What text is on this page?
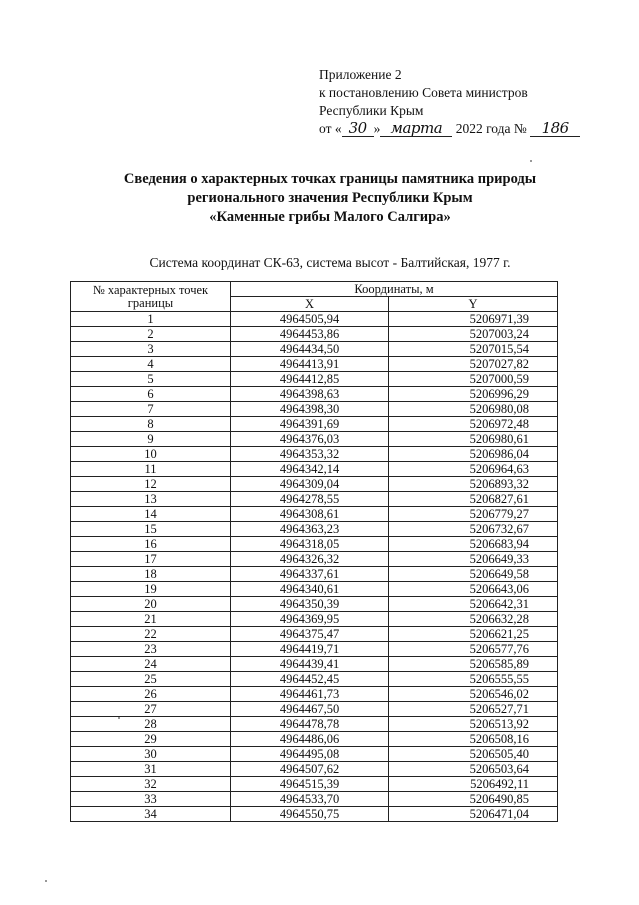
Приложение 2
к постановлению Совета министров
Республики Крым
от « 30 » марта 2022 года № 186
Сведения о характерных точках границы памятника природы
регионального значения Республики Крым
«Каменные грибы Малого Салгира»
Система координат СК-63, система высот - Балтийская, 1977 г.
№ характерных точек границы	Координаты, м	
	X	Y
1	4964505,94	5206971,39
2	4964453,86	5207003,24
3	4964434,50	5207015,54
4	4964413,91	5207027,82
5	4964412,85	5207000,59
6	4964398,63	5206996,29
7	4964398,30	5206980,08
8	4964391,69	5206972,48
9	4964376,03	5206980,61
10	4964353,32	5206986,04
11	4964342,14	5206964,63
12	4964309,04	5206893,32
13	4964278,55	5206827,61
14	4964308,61	5206779,27
15	4964363,23	5206732,67
16	4964318,05	5206683,94
17	4964326,32	5206649,33
18	4964337,61	5206649,58
19	4964340,61	5206643,06
20	4964350,39	5206642,31
21	4964369,95	5206632,28
22	4964375,47	5206621,25
23	4964419,71	5206577,76
24	4964439,41	5206585,89
25	4964452,45	5206555,55
26	4964461,73	5206546,02
27	4964467,50	5206527,71
28	4964478,78	5206513,92
29	4964486,06	5206508,16
30	4964495,08	5206505,40
31	4964507,62	5206503,64
32	4964515,39	5206492,11
33	4964533,70	5206490,85
34	4964550,75	5206471,04
